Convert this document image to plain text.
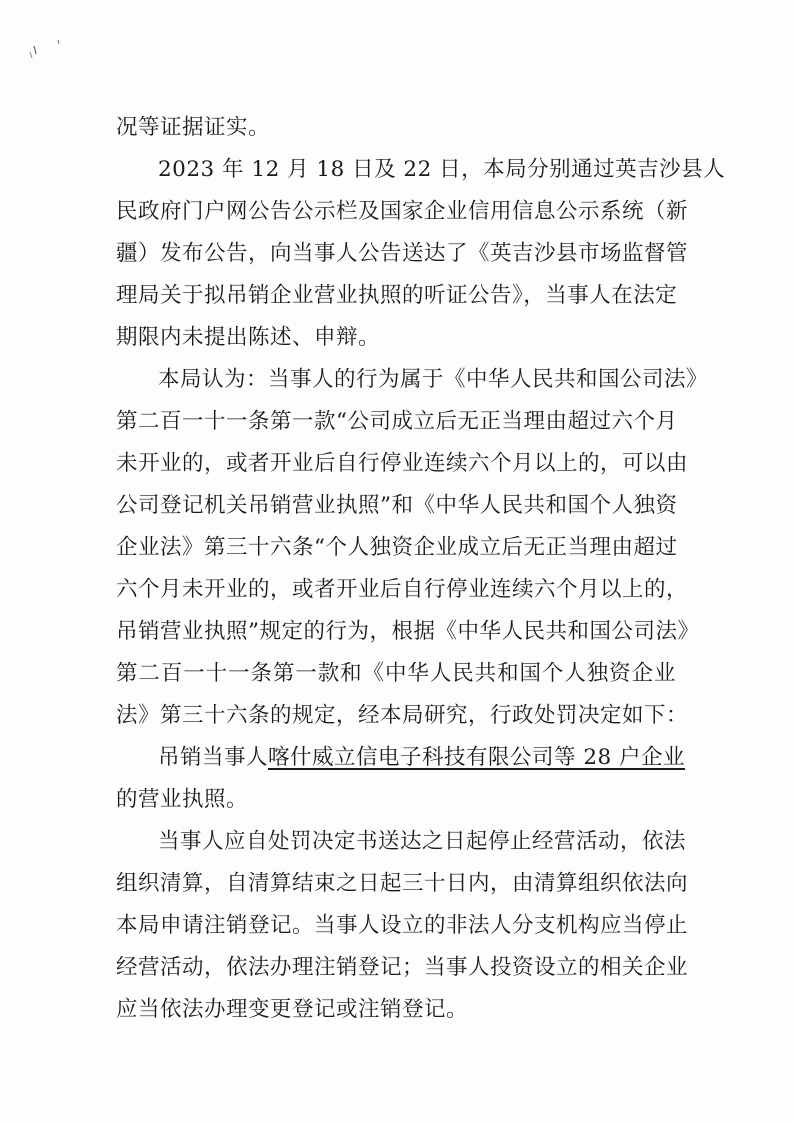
况等证据证实。
2023 年 12 月 18 日及 22 日，本局分别通过英吉沙县人
民政府门户网公告公示栏及国家企业信用信息公示系统（新
疆）发布公告，向当事人公告送达了《英吉沙县市场监督管
理局关于拟吊销企业营业执照的听证公告》，当事人在法定
期限内未提出陈述、申辩。
本局认为：当事人的行为属于《中华人民共和国公司法》
第二百一十一条第一款“公司成立后无正当理由超过六个月
未开业的，或者开业后自行停业连续六个月以上的，可以由
公司登记机关吊销营业执照”和《中华人民共和国个人独资
企业法》第三十六条“个人独资企业成立后无正当理由超过
六个月未开业的，或者开业后自行停业连续六个月以上的，
吊销营业执照”规定的行为，根据《中华人民共和国公司法》
第二百一十一条第一款和《中华人民共和国个人独资企业
法》第三十六条的规定，经本局研究，行政处罚决定如下：
吊销当事人喀什威立信电子科技有限公司等 28 户企业
的营业执照。
当事人应自处罚决定书送达之日起停止经营活动，依法
组织清算，自清算结束之日起三十日内，由清算组织依法向
本局申请注销登记。当事人设立的非法人分支机构应当停止
经营活动，依法办理注销登记；当事人投资设立的相关企业
应当依法办理变更登记或注销登记。
